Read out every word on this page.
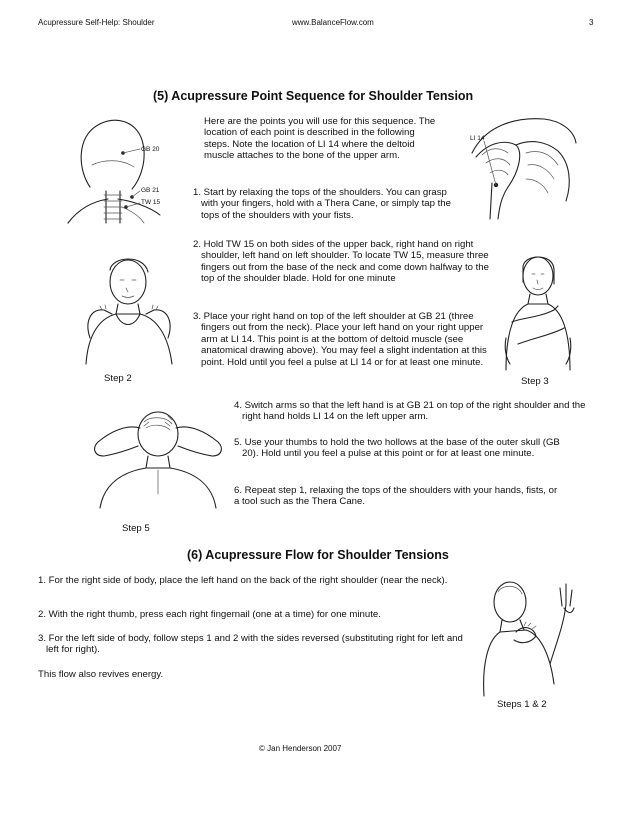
Acupressure Self-Help: Shoulder	www.BalanceFlow.com	3
(5) Acupressure Point Sequence for Shoulder Tension
GB 20
GB 21
TW 15
Here are the points you will use for this sequence. The location of each point is described in the following steps. Note the location of LI 14 where the deltoid muscle attaches to the bone of the upper arm.
LI 14
1. Start by relaxing the tops of the shoulders. You can grasp with your fingers, hold with a Thera Cane, or simply tap the tops of the shoulders with your fists.
2. Hold TW 15 on both sides of the upper back, right hand on right shoulder, left hand on left shoulder. To locate TW 15, measure three fingers out from the base of the neck and come down halfway to the top of the shoulder blade. Hold for one minute
3. Place your right hand on top of the left shoulder at GB 21 (three fingers out from the neck). Place your left hand on your right upper arm at LI 14. This point is at the bottom of deltoid muscle (see anatomical drawing above). You may feel a slight indentation at this point. Hold until you feel a pulse at LI 14 or for at least one minute.
Step 2	Step 3
4. Switch arms so that the left hand is at GB 21 on top of the right shoulder and the right hand holds LI 14 on the left upper arm.
5. Use your thumbs to hold the two hollows at the base of the outer skull (GB 20). Hold until you feel a pulse at this point or for at least one minute.
6. Repeat step 1, relaxing the tops of the shoulders with your hands, fists, or a tool such as the Thera Cane.
Step 5
(6) Acupressure Flow for Shoulder Tensions
1. For the right side of body, place the left hand on the back of the right shoulder (near the neck).
2. With the right thumb, press each right fingernail (one at a time) for one minute.
3. For the left side of body, follow steps 1 and 2 with the sides reversed (substituting right for left and left for right).
This flow also revives energy.
Steps 1 & 2
© Jan Henderson 2007
